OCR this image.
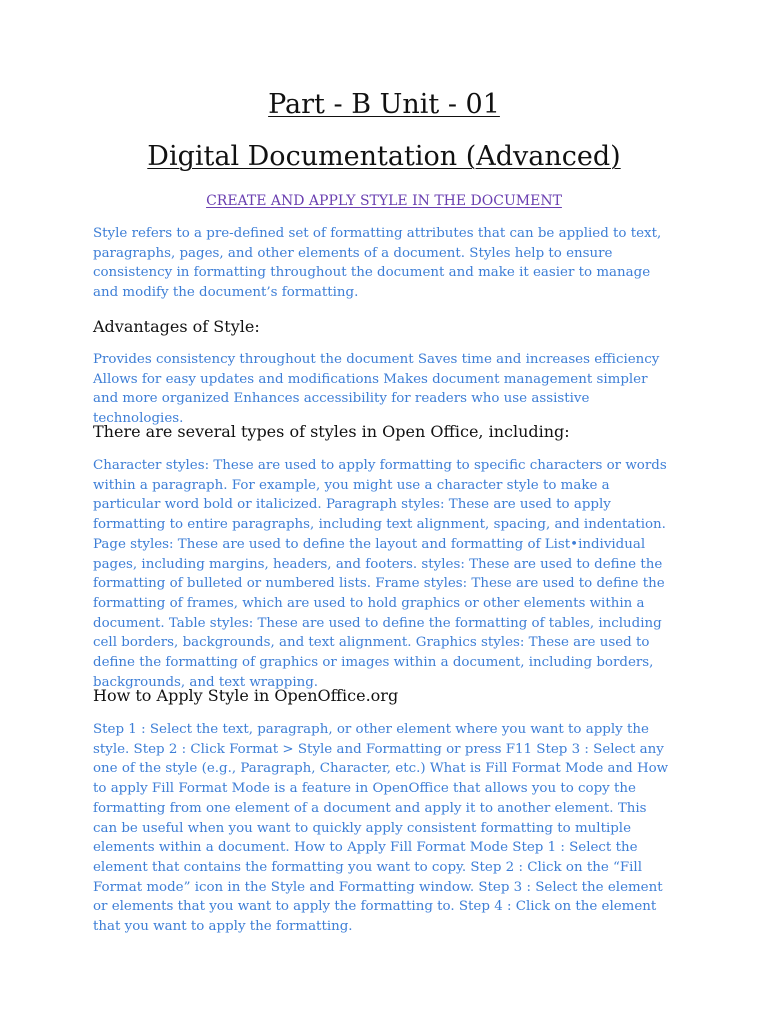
Part - B Unit - 01
Digital Documentation (Advanced)

CREATE AND APPLY STYLE IN THE DOCUMENT

Style refers to a pre-defined set of formatting attributes that can be applied to text, paragraphs, pages, and other elements of a document. Styles help to ensure consistency in formatting throughout the document and make it easier to manage and modify the document’s formatting.

Advantages of Style:

Provides consistency throughout the document Saves time and increases efficiency Allows for easy updates and modifications Makes document management simpler and more organized Enhances accessibility for readers who use assistive technologies.

There are several types of styles in Open Office, including:

Character styles: These are used to apply formatting to specific characters or words within a paragraph. For example, you might use a character style to make a particular word bold or italicized. Paragraph styles: These are used to apply formatting to entire paragraphs, including text alignment, spacing, and indentation. Page styles: These are used to define the layout and formatting of List•individual pages, including margins, headers, and footers. styles: These are used to define the formatting of bulleted or numbered lists. Frame styles: These are used to define the formatting of frames, which are used to hold graphics or other elements within a document. Table styles: These are used to define the formatting of tables, including cell borders, backgrounds, and text alignment. Graphics styles: These are used to define the formatting of graphics or images within a document, including borders, backgrounds, and text wrapping.

How to Apply Style in OpenOffice.org

Step 1 : Select the text, paragraph, or other element where you want to apply the style. Step 2 : Click Format > Style and Formatting or press F11 Step 3 : Select any one of the style (e.g., Paragraph, Character, etc.) What is Fill Format Mode and How to apply Fill Format Mode is a feature in OpenOffice that allows you to copy the formatting from one element of a document and apply it to another element. This can be useful when you want to quickly apply consistent formatting to multiple elements within a document. How to Apply Fill Format Mode Step 1 : Select the element that contains the formatting you want to copy. Step 2 : Click on the “Fill Format mode” icon in the Style and Formatting window. Step 3 : Select the element or elements that you want to apply the formatting to. Step 4 : Click on the element that you want to apply the formatting.
